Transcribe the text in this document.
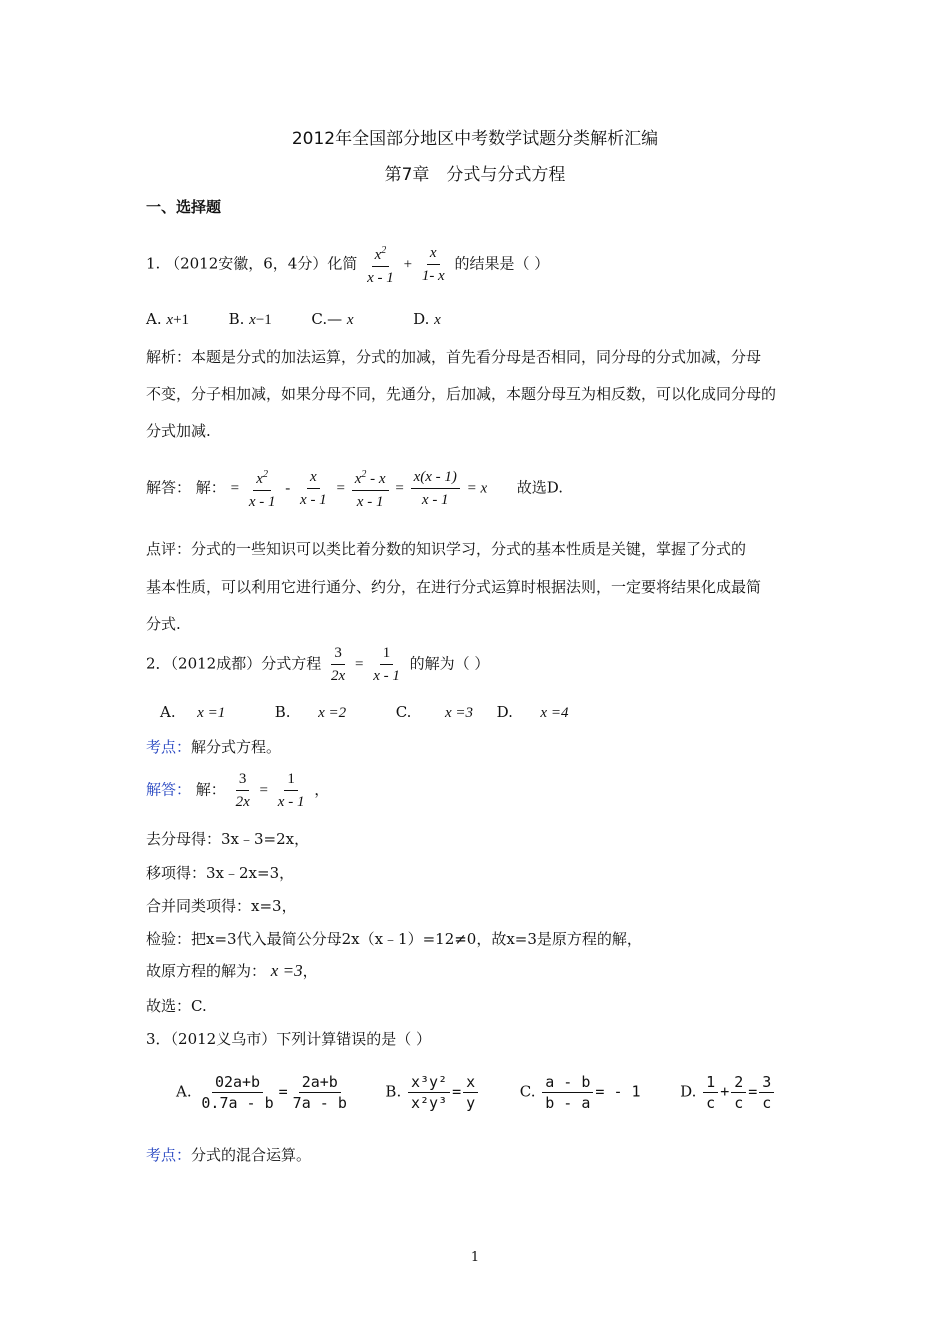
2012年全国部分地区中考数学试题分类解析汇编
第7章　分式与分式方程
一、选择题
1. （2012安徽，6，4分）化简 $\frac{x^2}{x - 1} + \frac{x}{1- x}$ 的结果是（ ）
A. x+1	B. x−1	C.— x	D. x
解析：本题是分式的加法运算，分式的加减，首先看分母是否相同，同分母的分式加减，分母
不变，分子相加减，如果分母不同，先通分，后加减，本题分母互为相反数，可以化成同分母的
分式加减.
解答： 解： = $\frac{x^2}{x - 1} - \frac{x}{x - 1} = \frac{x^2 - x}{x - 1} = \frac{x(x - 1)}{x - 1} = x$ 故选D.
点评：分式的一些知识可以类比着分数的知识学习，分式的基本性质是关键，掌握了分式的
基本性质，可以利用它进行通分、约分，在进行分式运算时根据法则，一定要将结果化成最简
分式.
2．（2012成都）分式方程 $\frac{3}{2x} = \frac{1}{x - 1}$ 的解为（ ）
A. x =1	B. x =2	C. x =3 D. x =4
考点：解分式方程。
解答： 解： $\frac{3}{2x} = \frac{1}{x - 1}$ ，
去分母得：3x﹣3=2x，
移项得：3x﹣2x=3，
合并同类项得：x=3，
检验：把x=3代入最简公分母2x（x﹣1）=12≠0，故x=3是原方程的解，
故原方程的解为： x =3，
故选：C.
3．（2012义乌市）下列计算错误的是（ ）
A. $\frac{02a+b}{0.7a - b} = \frac{2a+b}{7a - b} B$. $\frac{\text{x³y²}}{\text{x²y³}} = \frac{x}{y}$	C. $\frac{a - b}{b - a}$ = - 1	D. $\frac{1}{c} + \frac{2}{c} = \frac{3}{c}$
考点：分式的混合运算。
1
